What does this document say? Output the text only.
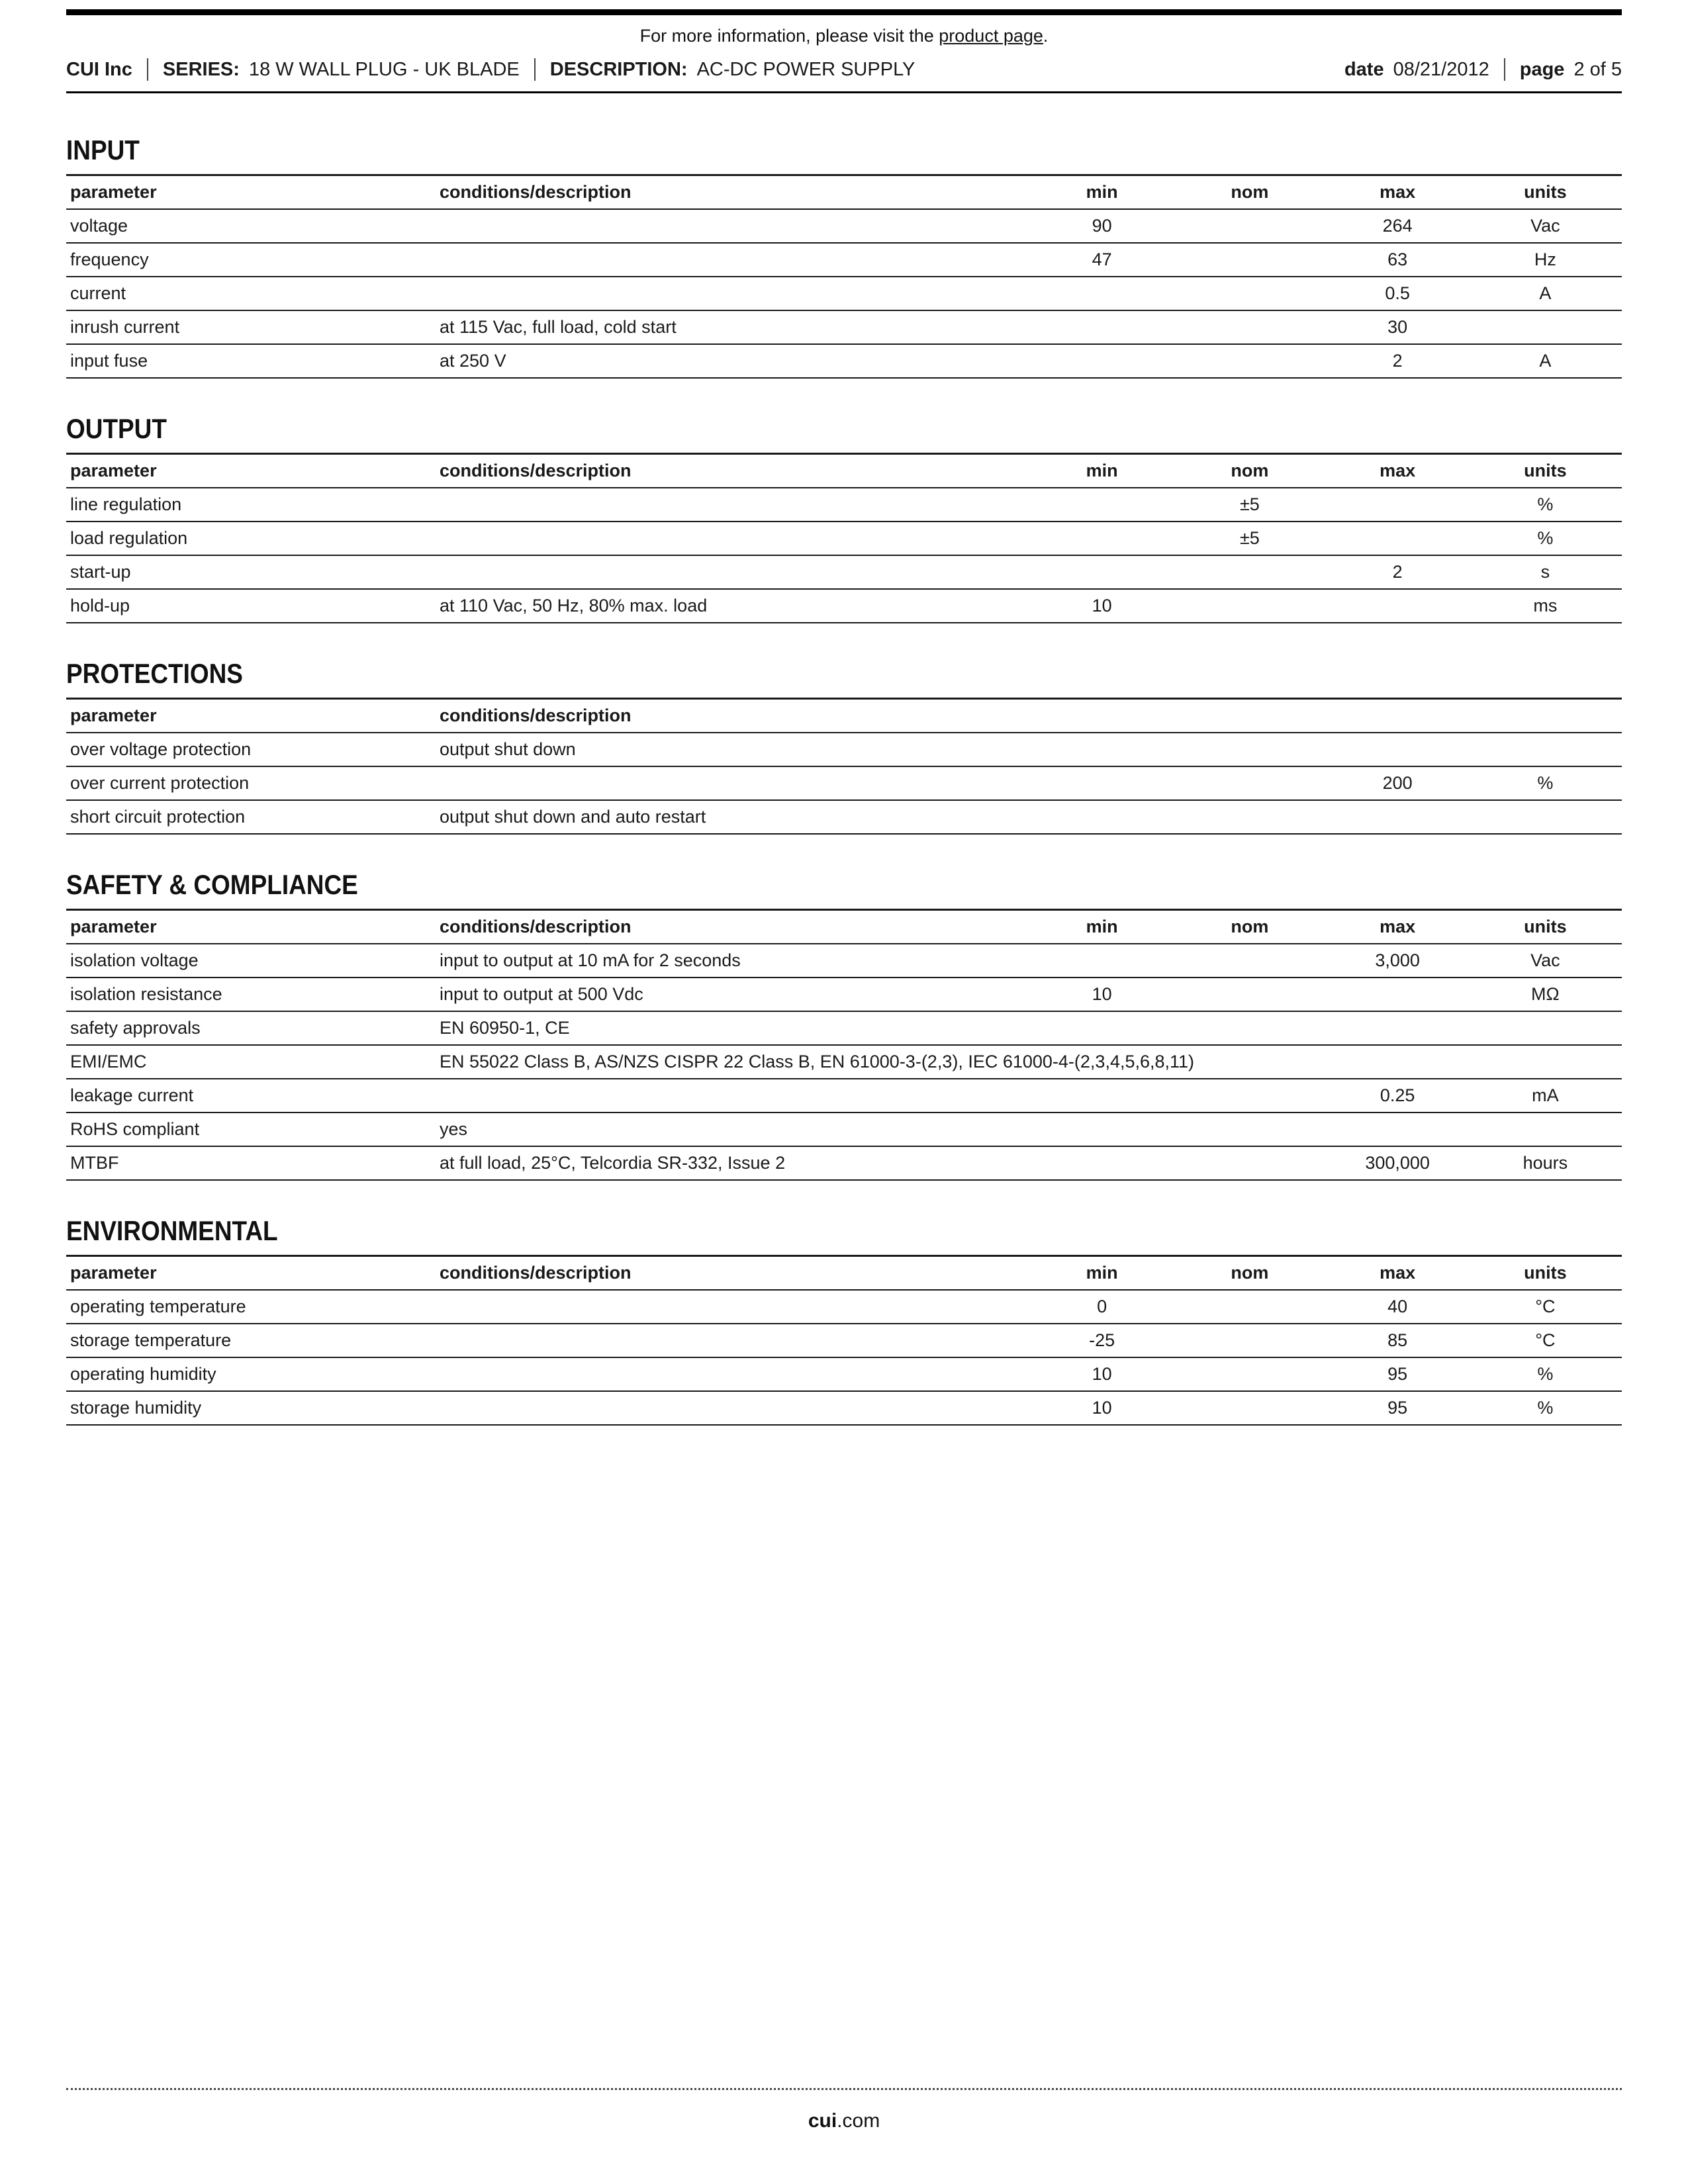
For more information, please visit the product page.
CUI Inc SERIES: 18 W WALL PLUG - UK BLADE DESCRIPTION: AC-DC POWER SUPPLY	date 08/21/2012 page 2 of 5
INPUT
parameter	conditions/description	min	nom	max	units
voltage		90		264	Vac
frequency		47		63	Hz
current				0.5	A
inrush current	at 115 Vac, full load, cold start			30	
input fuse	at 250 V			2	A
OUTPUT
parameter	conditions/description	min	nom	max	units
line regulation			±5		%
load regulation			±5		%
start-up				2	s
hold-up	at 110 Vac, 50 Hz, 80% max. load	10			ms
PROTECTIONS
parameter	conditions/description				
over voltage protection	output shut down				
over current protection				200	%
short circuit protection	output shut down and auto restart				
SAFETY & COMPLIANCE
parameter	conditions/description	min	nom	max	units
isolation voltage	input to output at 10 mA for 2 seconds			3,000	Vac
isolation resistance	input to output at 500 Vdc	10			MΩ
safety approvals	EN 60950-1, CE				
EMI/EMC	EN 55022 Class B, AS/NZS CISPR 22 Class B, EN 61000-3-(2,3), IEC 61000-4-(2,3,4,5,6,8,11)				
leakage current				0.25	mA
RoHS compliant	yes				
MTBF	at full load, 25°C, Telcordia SR-332, Issue 2			300,000	hours
ENVIRONMENTAL
parameter	conditions/description	min	nom	max	units
operating temperature		0		40	°C
storage temperature		-25		85	°C
operating humidity		10		95	%
storage humidity		10		95	%
cui.com
